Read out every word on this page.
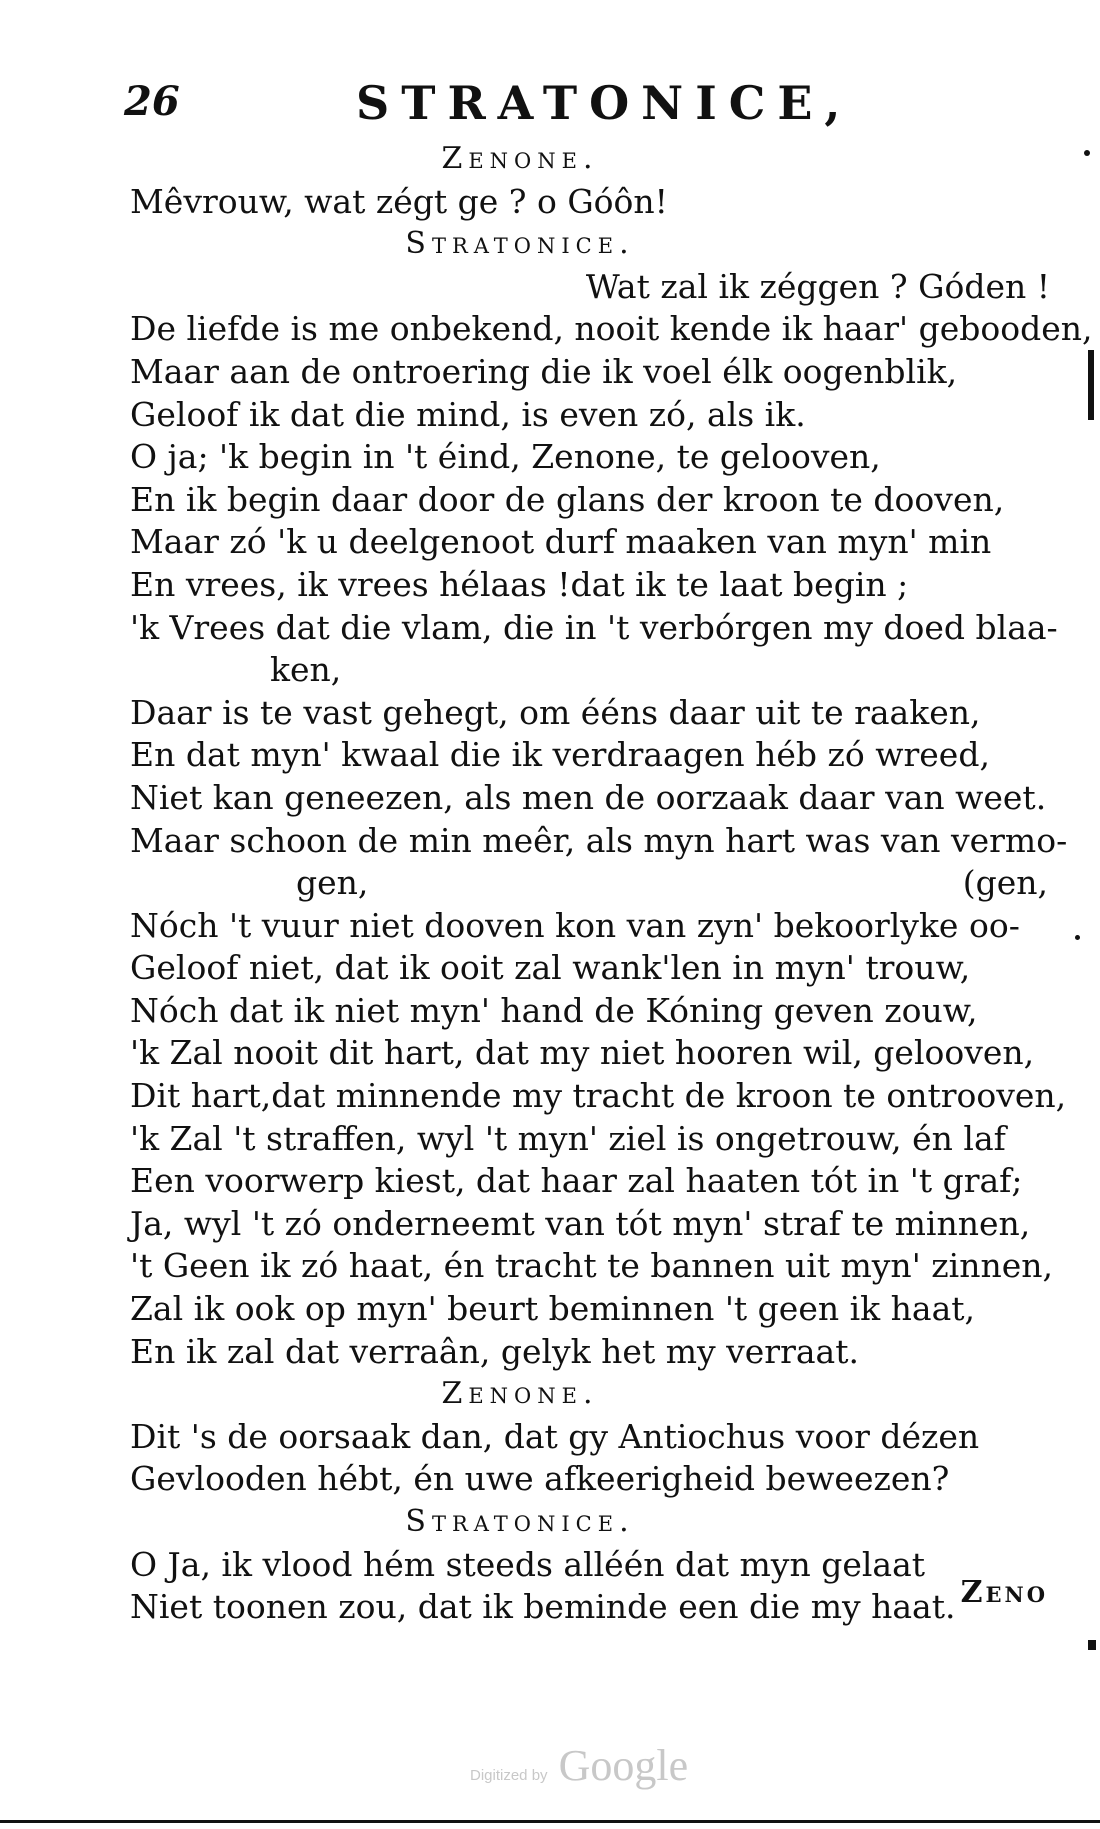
26	STRATONICE,
Zenone.
Mêvrouw, wat zégt ge ? o Góôn!
Stratonice.
Wat zal ik zéggen ? Góden !
De liefde is me onbekend, nooit kende ik haar' gebooden,
Maar aan de ontroering die ik voel élk oogenblik,
Geloof ik dat die mind, is even zó, als ik.
O ja; 'k begin in 't éind, Zenone, te gelooven,
En ik begin daar door de glans der kroon te dooven,
Maar zó 'k u deelgenoot durf maaken van myn' min
En vrees, ik vrees hélaas !dat ik te laat begin ;
'k Vrees dat die vlam, die in 't verbórgen my doed blaa-
ken,
Daar is te vast gehegt, om ééns daar uit te raaken,
En dat myn' kwaal die ik verdraagen héb zó wreed,
Niet kan geneezen, als men de oorzaak daar van weet.
Maar schoon de min meêr, als myn hart was van vermo-
gen,	(gen,
Nóch 't vuur niet dooven kon van zyn' bekoorlyke oo-
Geloof niet, dat ik ooit zal wank'len in myn' trouw,
Nóch dat ik niet myn' hand de Kóning geven zouw,
'k Zal nooit dit hart, dat my niet hooren wil, gelooven,
Dit hart,dat minnende my tracht de kroon te ontrooven,
'k Zal 't straffen, wyl 't myn' ziel is ongetrouw, én laf
Een voorwerp kiest, dat haar zal haaten tót in 't graf;
Ja, wyl 't zó onderneemt van tót myn' straf te minnen,
't Geen ik zó haat, én tracht te bannen uit myn' zinnen,
Zal ik ook op myn' beurt beminnen 't geen ik haat,
En ik zal dat verraân, gelyk het my verraat.
Zenone.
Dit 's de oorsaak dan, dat gy Antiochus voor dézen
Gevlooden hébt, én uwe afkeerigheid beweezen?
Stratonice.
O Ja, ik vlood hém steeds alléén dat myn gelaat
Niet toonen zou, dat ik beminde een die my haat. Zeno
Digitized by Google
